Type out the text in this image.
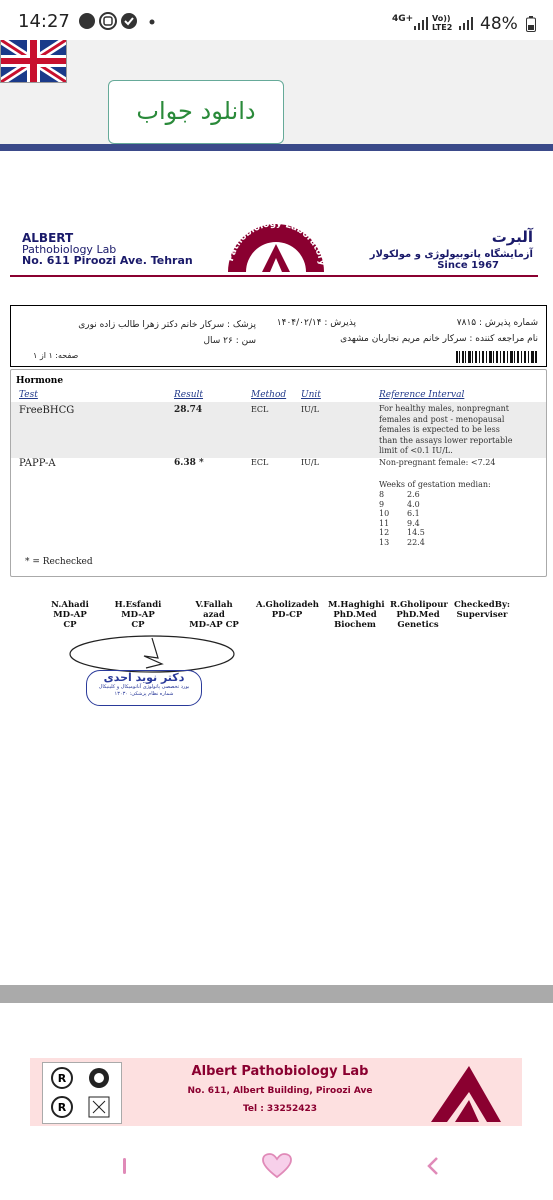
14:27	4G+ Vo)) LTE2 48%
دانلود جواب
ALBERT
Pathobiology Lab
No. 611 Piroozi Ave. Tehran	Pathobiology Laboratory
آلبرت
آزمایشگاه پاتوبیولوژی و مولکولار
Since 1967
شماره پذیرش : ۷۸۱۵
پذیرش : ۱۴۰۴/۰۲/۱۴
پزشک : سرکار خانم دکتر زهرا طالب زاده نوری
نام مراجعه کننده : سرکار خانم مریم نجاربان مشهدی
سن : ۲۶ سال
صفحه: ۱ از ۱
Hormone
Test	Result	Method Unit	Reference Interval
FreeBHCG	28.74	ECL	IU/L	For healthy males, nonpregnant
females and post - menopausal
females is expected to be less
than the assays lower reportable
limit of <0.1 IU/L.
PAPP-A	6.38 *	ECL	IU/L	Non-pregnant female: <7.24
Weeks of gestation median:
8	2.6
9	4.0
10 6.1
11 9.4
12 14.5
13 22.4
* = Rechecked
N.Ahadi
MD-AP CP
H.Esfandi
MD-AP CP
V.Fallah azad
MD-AP CP
A.Gholizadeh
PD-CP
M.Haghighi
PhD.Med
Biochem
R.Gholipour
PhD.Med
Genetics
CheckedBy:
Superviser
دکتر نوید احدی
بورد تخصصی پاتولوژی آناتومیکال و کلینیکال
شماره نظام پزشکی: ۱۳۰۳۰
R
R
Albert Pathobiology Lab
No. 611, Albert Building, Piroozi Ave
Tel : 33252423
